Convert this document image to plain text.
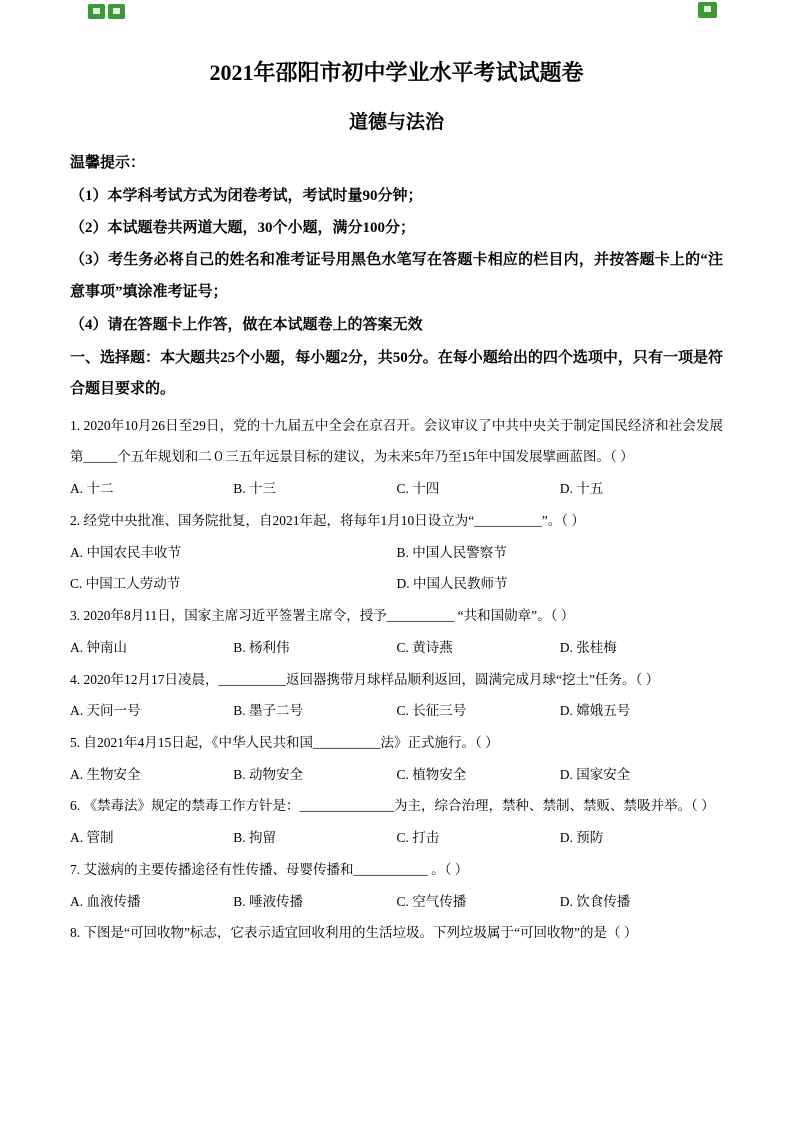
2021年邵阳市初中学业水平考试试题卷
道德与法治

温馨提示：

（1）本学科考试方式为闭卷考试，考试时量90分钟；

（2）本试题卷共两道大题，30个小题，满分100分；

（3）考生务必将自己的姓名和准考证号用黑色水笔写在答题卡相应的栏目内，并按答题卡上的“注意事项”填涂准考证号；

（4）请在答题卡上作答，做在本试题卷上的答案无效

一、选择题：本大题共25个小题，每小题2分，共50分。在每小题给出的四个选项中，只有一项是符合题目要求的。

1. 2020年10月26日至29日，党的十九届五中全会在京召开。会议审议了中共中央关于制定国民经济和社会发展第_____个五年规划和二０三五年远景目标的建议，为未来5年乃至15年中国发展擘画蓝图。（ ）

A. 十二	B. 十三	C. 十四	D. 十五

2. 经党中央批准、国务院批复，自2021年起，将每年1月10日设立为“__________”。（ ）

A. 中国农民丰收节	B. 中国人民警察节
C. 中国工人劳动节	D. 中国人民教师节

3. 2020年8月11日，国家主席习近平签署主席令，授予__________ “共和国勋章”。（ ）

A. 钟南山	B. 杨利伟	C. 黄诗燕	D. 张桂梅

4. 2020年12月17日凌晨，__________返回器携带月球样品顺利返回，圆满完成月球“挖土”任务。（ ）

A. 天问一号	B. 墨子二号	C. 长征三号	D. 嫦娥五号

5. 自2021年4月15日起，《中华人民共和国__________法》正式施行。（ ）

A. 生物安全	B. 动物安全	C. 植物安全	D. 国家安全

6. 《禁毒法》规定的禁毒工作方针是：______________为主，综合治理，禁种、禁制、禁贩、禁吸并举。（ ）

A. 管制	B. 拘留	C. 打击	D. 预防

7. 艾滋病的主要传播途径有性传播、母婴传播和___________ 。（ ）

A. 血液传播	B. 唾液传播	C. 空气传播	D. 饮食传播

8. 下图是“可回收物”标志，它表示适宜回收利用的生活垃圾。下列垃圾属于“可回收物”的是（ ）
